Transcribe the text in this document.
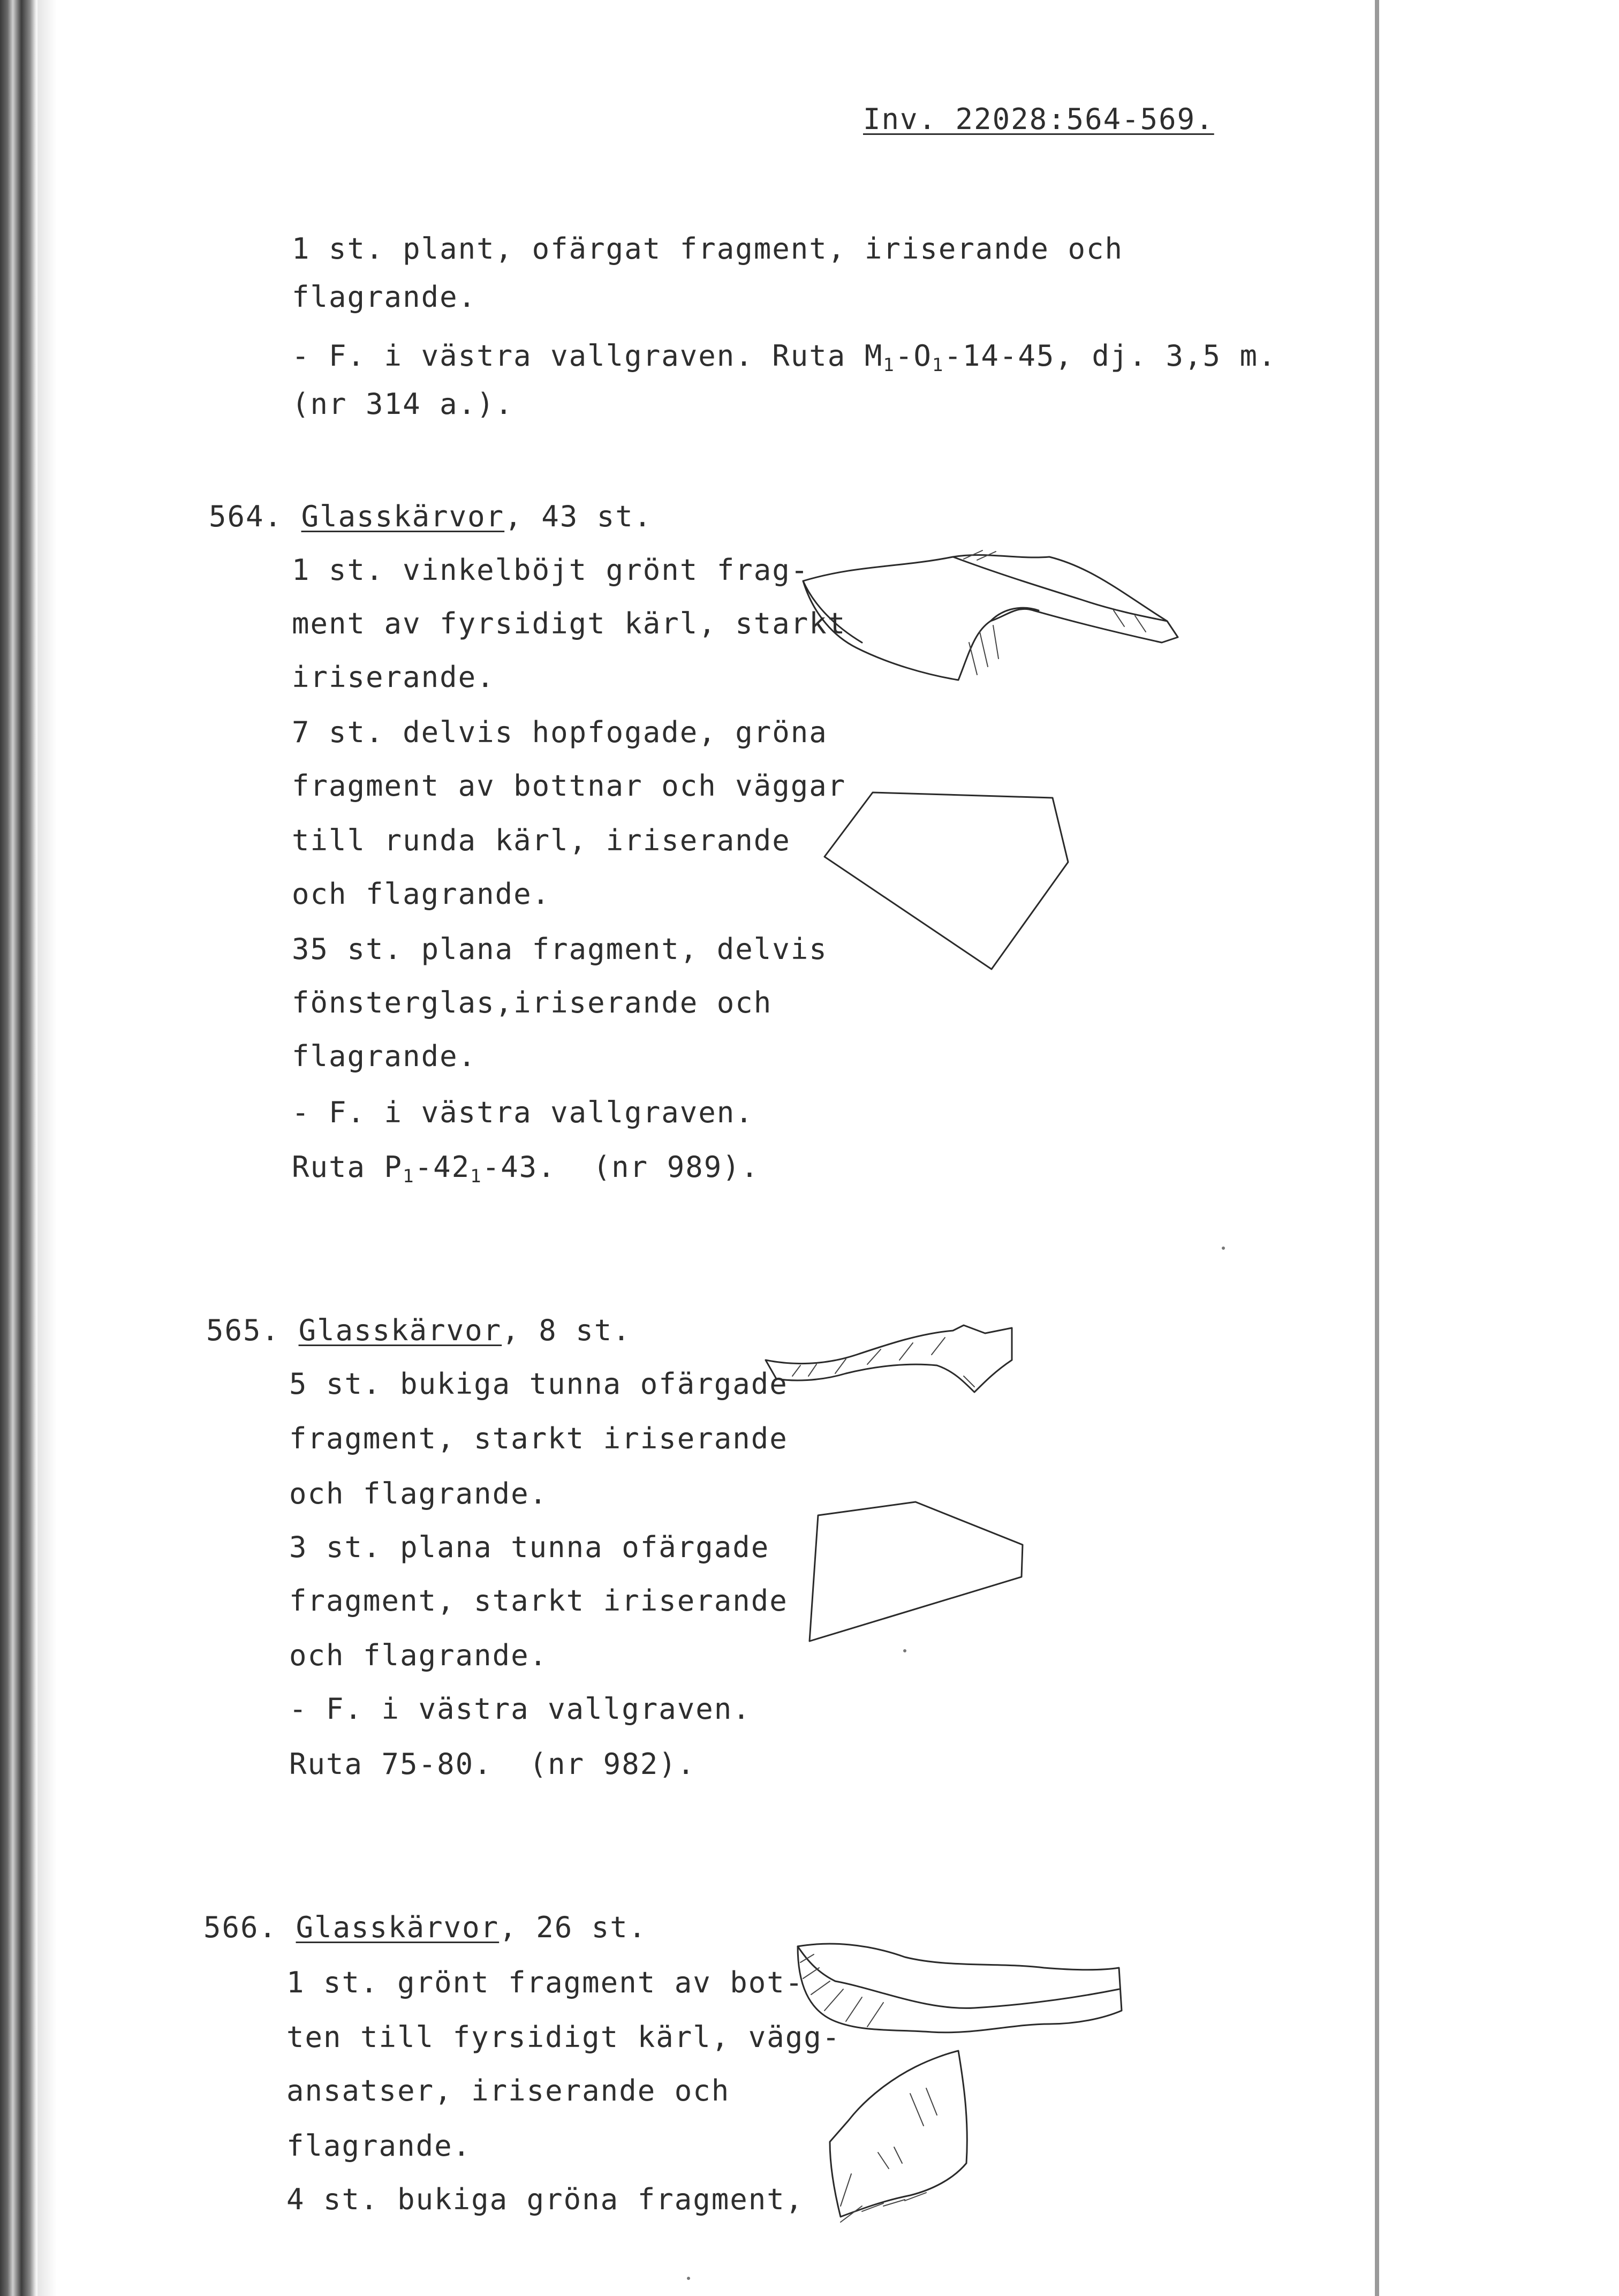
Inv. 22028:564-569.
1 st. plant, ofärgat fragment, iriserande och
flagrande.
- F. i västra vallgraven. Ruta $M_1-O_1-14-45$, dj. 3,5 m.
(nr 314 a.).
564. Glasskärvor, 43 st.
1 st. vinkelböjt grönt frag-
ment av fyrsidigt kärl, starkt
iriserande.
7 st. delvis hopfogade, gröna
fragment av bottnar och väggar
till runda kärl, iriserande
och flagrande.
35 st. plana fragment, delvis
fönsterglas,iriserande och
flagrande.
- F. i västra vallgraven.
Ruta $P_1-42_1-43$.  (nr 989).
565. Glasskärvor, 8 st.
5 st. bukiga tunna ofärgade
fragment, starkt iriserande
och flagrande.
3 st. plana tunna ofärgade
fragment, starkt iriserande
och flagrande.
- F. i västra vallgraven.
Ruta 75-80.  (nr 982).
566. Glasskärvor, 26 st.
1 st. grönt fragment av bot-
ten till fyrsidigt kärl, vägg-
ansatser, iriserande och
flagrande.
4 st. bukiga gröna fragment,
